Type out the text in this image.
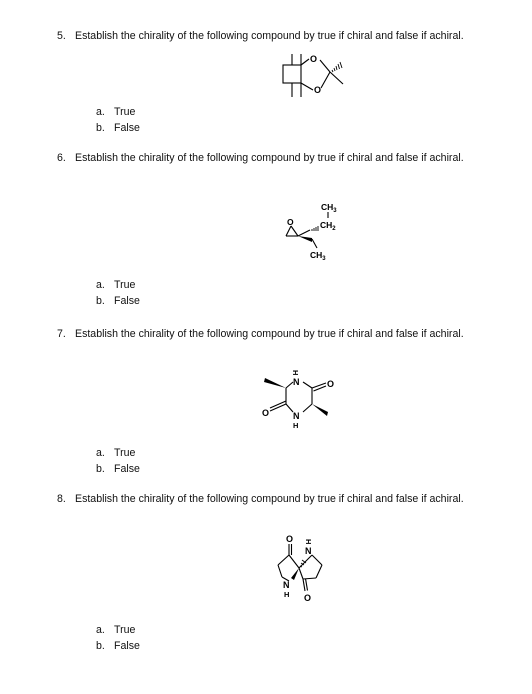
5. Establish the chirality of the following compound by true if chiral and false if achiral.
O
O
a. True
b. False
6. Establish the chirality of the following compound by true if chiral and false if achiral.
O
$CH_3$
$CH_2$
$CH_3$
a. True
b. False
7. Establish the chirality of the following compound by true if chiral and false if achiral.
H
N	O
O	N
H
a. True
b. False
8. Establish the chirality of the following compound by true if chiral and false if achiral.
O H
N
N
H O
a. True
b. False
